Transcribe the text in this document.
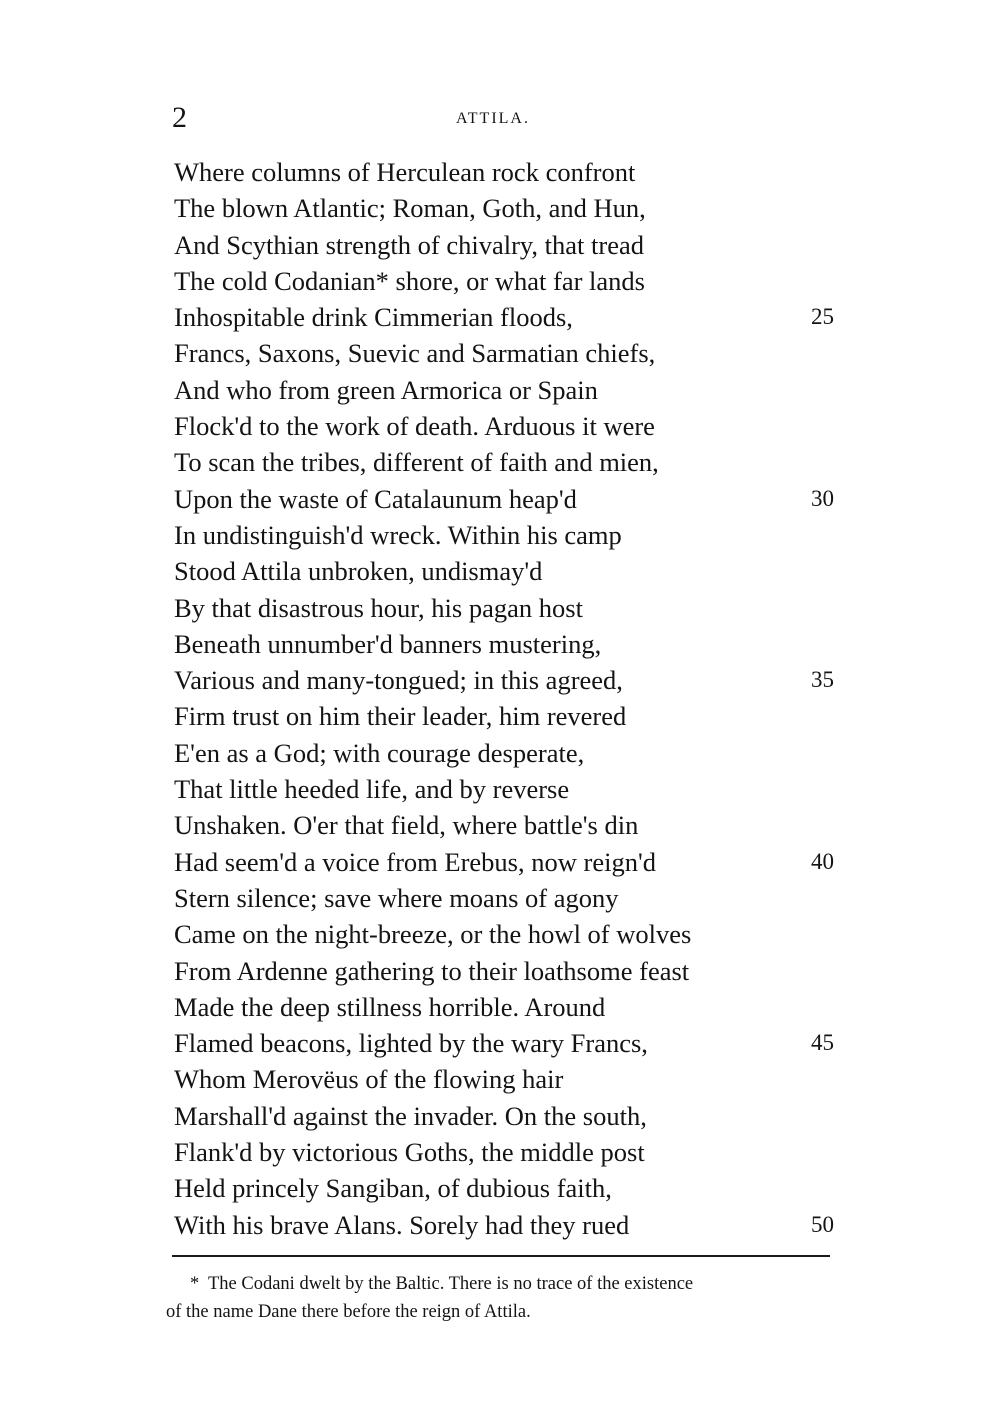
2	ATTILA.
Where columns of Herculean rock confront
The blown Atlantic; Roman, Goth, and Hun,
And Scythian strength of chivalry, that tread
The cold Codanian* shore, or what far lands
Inhospitable drink Cimmerian floods,	25
Francs, Saxons, Suevic and Sarmatian chiefs,
And who from green Armorica or Spain
Flock'd to the work of death. Arduous it were
To scan the tribes, different of faith and mien,
Upon the waste of Catalaunum heap'd	30
In undistinguish'd wreck. Within his camp
Stood Attila unbroken, undismay'd
By that disastrous hour, his pagan host
Beneath unnumber'd banners mustering,
Various and many-tongued; in this agreed,	35
Firm trust on him their leader, him revered
E'en as a God; with courage desperate,
That little heeded life, and by reverse
Unshaken. O'er that field, where battle's din
Had seem'd a voice from Erebus, now reign'd	40
Stern silence; save where moans of agony
Came on the night-breeze, or the howl of wolves
From Ardenne gathering to their loathsome feast
Made the deep stillness horrible. Around
Flamed beacons, lighted by the wary Francs,	45
Whom Merovëus of the flowing hair
Marshall'd against the invader. On the south,
Flank'd by victorious Goths, the middle post
Held princely Sangiban, of dubious faith,
With his brave Alans. Sorely had they rued	50
* The Codani dwelt by the Baltic. There is no trace of the existence
of the name Dane there before the reign of Attila.
